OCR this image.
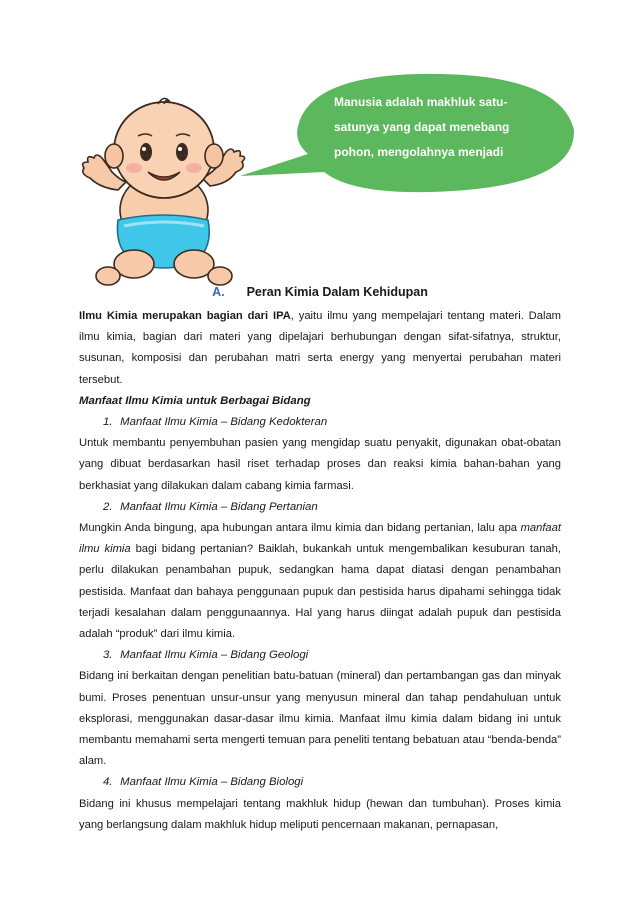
Manusia adalah makhluk satu-
satunya yang dapat menebang
pohon, mengolahnya menjadi
A. Peran Kimia Dalam Kehidupan

Ilmu Kimia merupakan bagian dari IPA, yaitu ilmu yang mempelajari tentang materi. Dalam ilmu kimia, bagian dari materi yang dipelajari berhubungan dengan sifat-sifatnya, struktur, susunan, komposisi dan perubahan matri serta energy yang menyertai perubahan materi tersebut.

Manfaat Ilmu Kimia untuk Berbagai Bidang

1. Manfaat Ilmu Kimia – Bidang Kedokteran

Untuk membantu penyembuhan pasien yang mengidap suatu penyakit, digunakan obat-obatan yang dibuat berdasarkan hasil riset terhadap proses dan reaksi kimia bahan-bahan yang berkhasiat yang dilakukan dalam cabang kimia farmasi.

2. Manfaat Ilmu Kimia – Bidang Pertanian

Mungkin Anda bingung, apa hubungan antara ilmu kimia dan bidang pertanian, lalu apa manfaat ilmu kimia bagi bidang pertanian? Baiklah, bukankah untuk mengembalikan kesuburan tanah, perlu dilakukan penambahan pupuk, sedangkan hama dapat diatasi dengan penambahan pestisida. Manfaat dan bahaya penggunaan pupuk dan pestisida harus dipahami sehingga tidak terjadi kesalahan dalam penggunaannya. Hal yang harus diingat adalah pupuk dan pestisida adalah “produk” dari ilmu kimia.

3. Manfaat Ilmu Kimia – Bidang Geologi

Bidang ini berkaitan dengan penelitian batu-batuan (mineral) dan pertambangan gas dan minyak bumi. Proses penentuan unsur-unsur yang menyusun mineral dan tahap pendahuluan untuk eksplorasi, menggunakan dasar-dasar ilmu kimia. Manfaat ilmu kimia dalam bidang ini untuk membantu memahami serta mengerti temuan para peneliti tentang bebatuan atau “benda-benda” alam.

4. Manfaat Ilmu Kimia – Bidang Biologi

Bidang ini khusus mempelajari tentang makhluk hidup (hewan dan tumbuhan). Proses kimia yang berlangsung dalam makhluk hidup meliputi pencernaan makanan, pernapasan,
